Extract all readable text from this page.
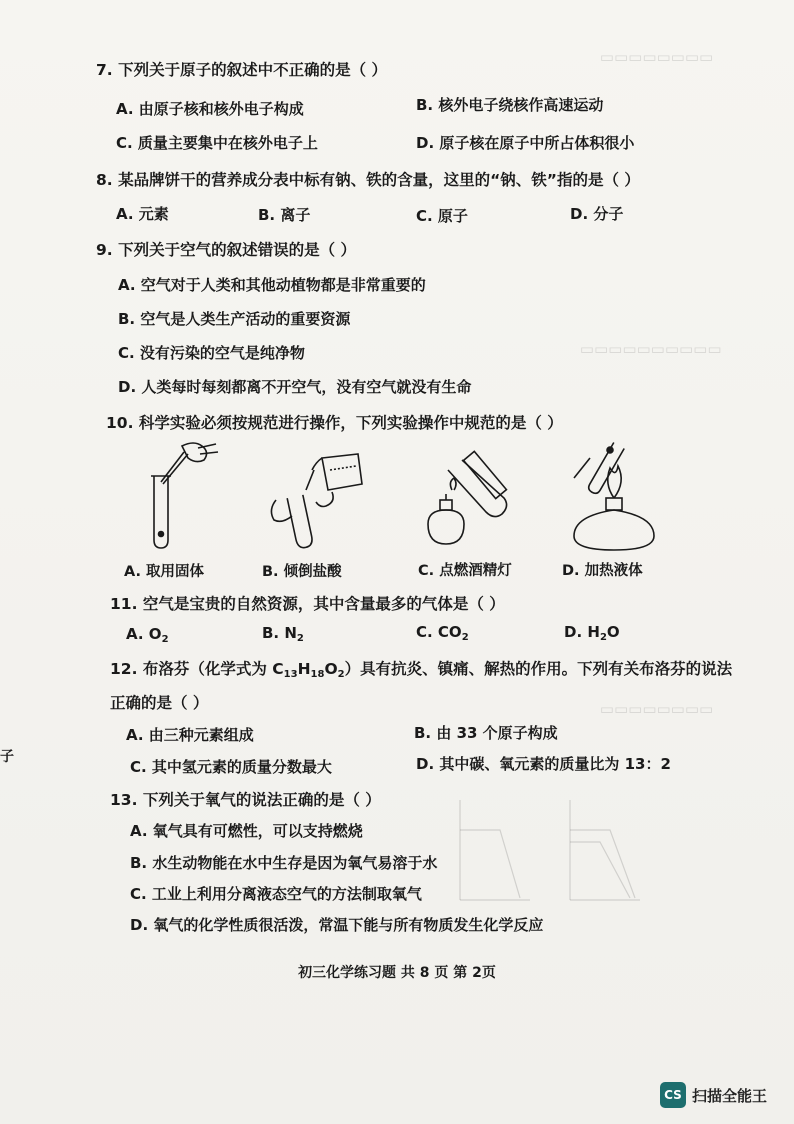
▭▭▭▭▭▭▭▭
▭▭▭▭▭▭▭▭▭▭
▭▭▭▭▭▭▭▭
7. 下列关于原子的叙述中不正确的是（ ）
A. 由原子核和核外电子构成	B. 核外电子绕核作高速运动
C. 质量主要集中在核外电子上	D. 原子核在原子中所占体积很小
8. 某品牌饼干的营养成分表中标有钠、铁的含量，这里的“钠、铁”指的是（ ）
A. 元素	B. 离子	C. 原子	D. 分子
9. 下列关于空气的叙述错误的是（ ）
A. 空气对于人类和其他动植物都是非常重要的
B. 空气是人类生产活动的重要资源
C. 没有污染的空气是纯净物
D. 人类每时每刻都离不开空气，没有空气就没有生命
10. 科学实验必须按规范进行操作，下列实验操作中规范的是（ ）
A. 取用固体	B. 倾倒盐酸	C. 点燃酒精灯	D. 加热液体
11. 空气是宝贵的自然资源，其中含量最多的气体是（ ）
A. $O_2$	B. $N_2$	C. $CO_2$	D. $H_2O$
12. 布洛芬（化学式为 $C_{13}H_{18}O_2$）具有抗炎、镇痛、解热的作用。下列有关布洛芬的说法
正确的是（ ）
A. 由三种元素组成	B. 由 33 个原子构成
C. 其中氢元素的质量分数最大	D. 其中碳、氧元素的质量比为 13：2
13. 下列关于氧气的说法正确的是（ ）
A. 氧气具有可燃性，可以支持燃烧
B. 水生动物能在水中生存是因为氧气易溶于水
C. 工业上利用分离液态空气的方法制取氧气
D. 氧气的化学性质很活泼，常温下能与所有物质发生化学反应
子
初三化学练习题 共 8 页 第 2页
CS 扫描全能王
